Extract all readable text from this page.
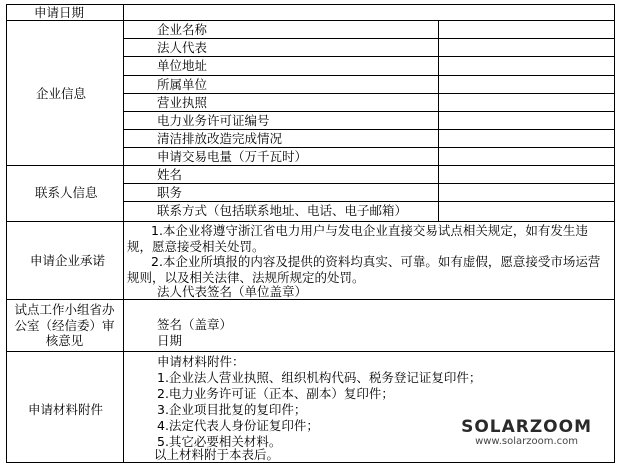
申请日期
企业信息
企业名称
法人代表
单位地址
所属单位
营业执照
电力业务许可证编号
清洁排放改造完成情况
申请交易电量（万千瓦时）
联系人信息
姓名
职务
联系方式（包括联系地址、电话、电子邮箱）
申请企业承诺
1.本企业将遵守浙江省电力用户与发电企业直接交易试点相关规定，如有发生违规，愿意接受相关处罚。
2.本企业所填报的内容及提供的资料均真实、可靠。如有虚假，愿意接受市场运营规则，以及相关法律、法规所规定的处罚。
法人代表签名（单位盖章）
试点工作小组省办公室（经信委）审核意见
签名（盖章）
日期
申请材料附件
申请材料附件：
1.企业法人营业执照、组织机构代码、税务登记证复印件；
2.电力业务许可证（正本、副本）复印件；
3.企业项目批复的复印件；
4.法定代表人身份证复印件；
5.其它必要相关材料。
以上材料附于本表后。
SOLARZOOM
www.solarzoom.com
